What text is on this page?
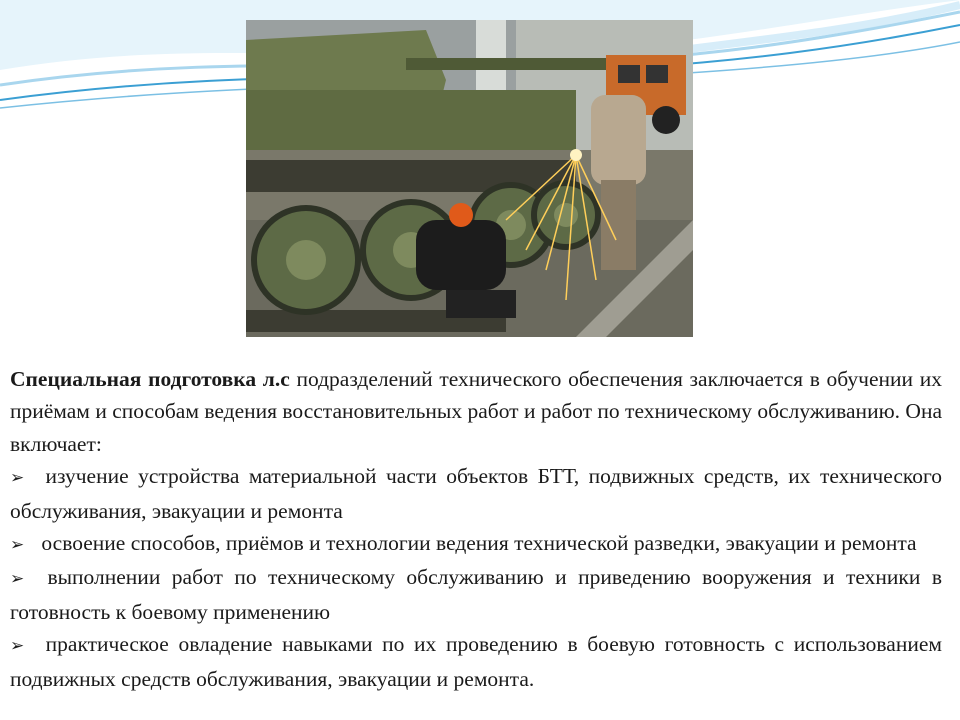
Специальная подготовка л.с подразделений технического обеспечения заключается в обучении их приёмам и способам ведения восстановительных работ и работ по техническому обслуживанию. Она включает:

➢ изучение устройства материальной части объектов БТТ, подвижных средств, их технического обслуживания, эвакуации и ремонта

➢ освоение способов, приёмов и технологии ведения технической разведки, эвакуации и ремонта

➢ выполнении работ по техническому обслуживанию и приведению вооружения и техники в готовность к боевому применению

➢ практическое овладение навыками по их проведению в боевую готовность с использованием подвижных средств обслуживания, эвакуации и ремонта.
